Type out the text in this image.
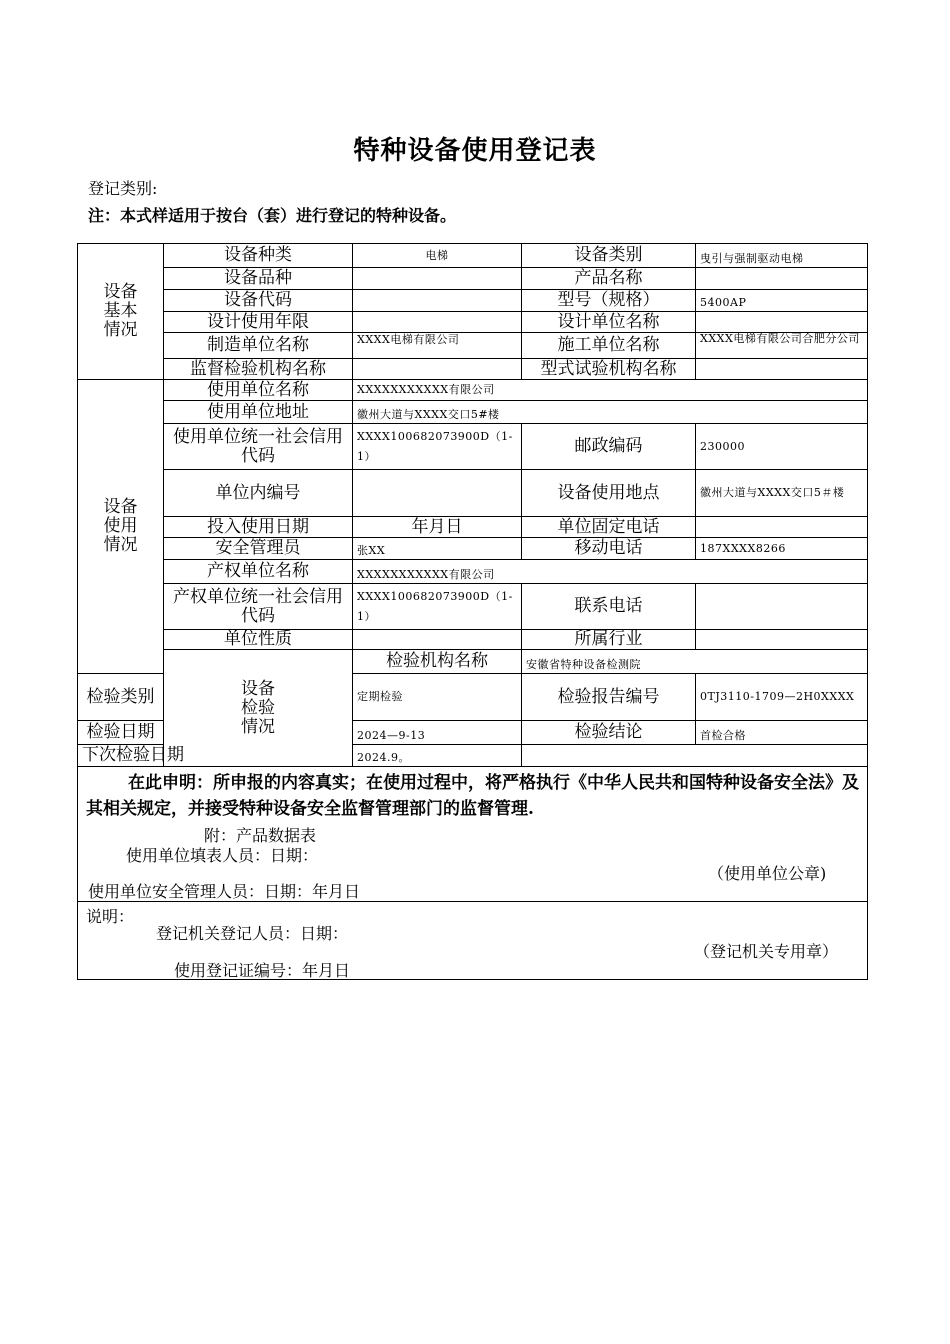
特种设备使用登记表
登记类别:
注：本式样适用于按台（套）进行登记的特种设备。
设备
基本
情况	设备种类	电梯	设备类别	曳引与强制驱动电梯
	设备品种		产品名称	
	设备代码		型号（规格）	5400AP
	设计使用年限		设计单位名称	
	制造单位名称	XXXX电梯有限公司	施工单位名称	XXXX电梯有限公司合肥分公司
	监督检验机构名称		型式试验机构名称	

设备
使用
情况	使用单位名称	XXXXXXXXXXX有限公司		
	使用单位地址	徽州大道与XXXX交口5#楼		
	使用单位统一社会信用代码	XXXX100682073900D（1-1）	邮政编码	230000
	单位内编号		设备使用地点	徽州大道与XXXX交口5＃楼
	投入使用日期	年月日	单位固定电话	
	安全管理员	张XX	移动电话	187XXXX8266
	产权单位名称	XXXXXXXXXXX有限公司		
	产权单位统一社会信用代码	XXXX100682073900D（1-1）	联系电话	
	单位性质		所属行业	

	设备
检验
情况	检验机构名称	安徽省特种设备检测院	
检验类别		定期检验	检验报告编号	0TJ3110-1709—2H0XXXX
检验日期		2024—9-13	检验结论	首检合格
下次检验日期		2024.9。		

在此申明：所申报的内容真实；在使用过程中，将严格执行《中华人民共和国特种设备安全法》及其相关规定，并接受特种设备安全监督管理部门的监督管理.
附：产品数据表
使用单位填表人员：日期：
（使用单位公章)
使用单位安全管理人员：日期：年月日				

说明：
登记机关登记人员：日期：
（登记机关专用章）
使用登记证编号：年月日				
